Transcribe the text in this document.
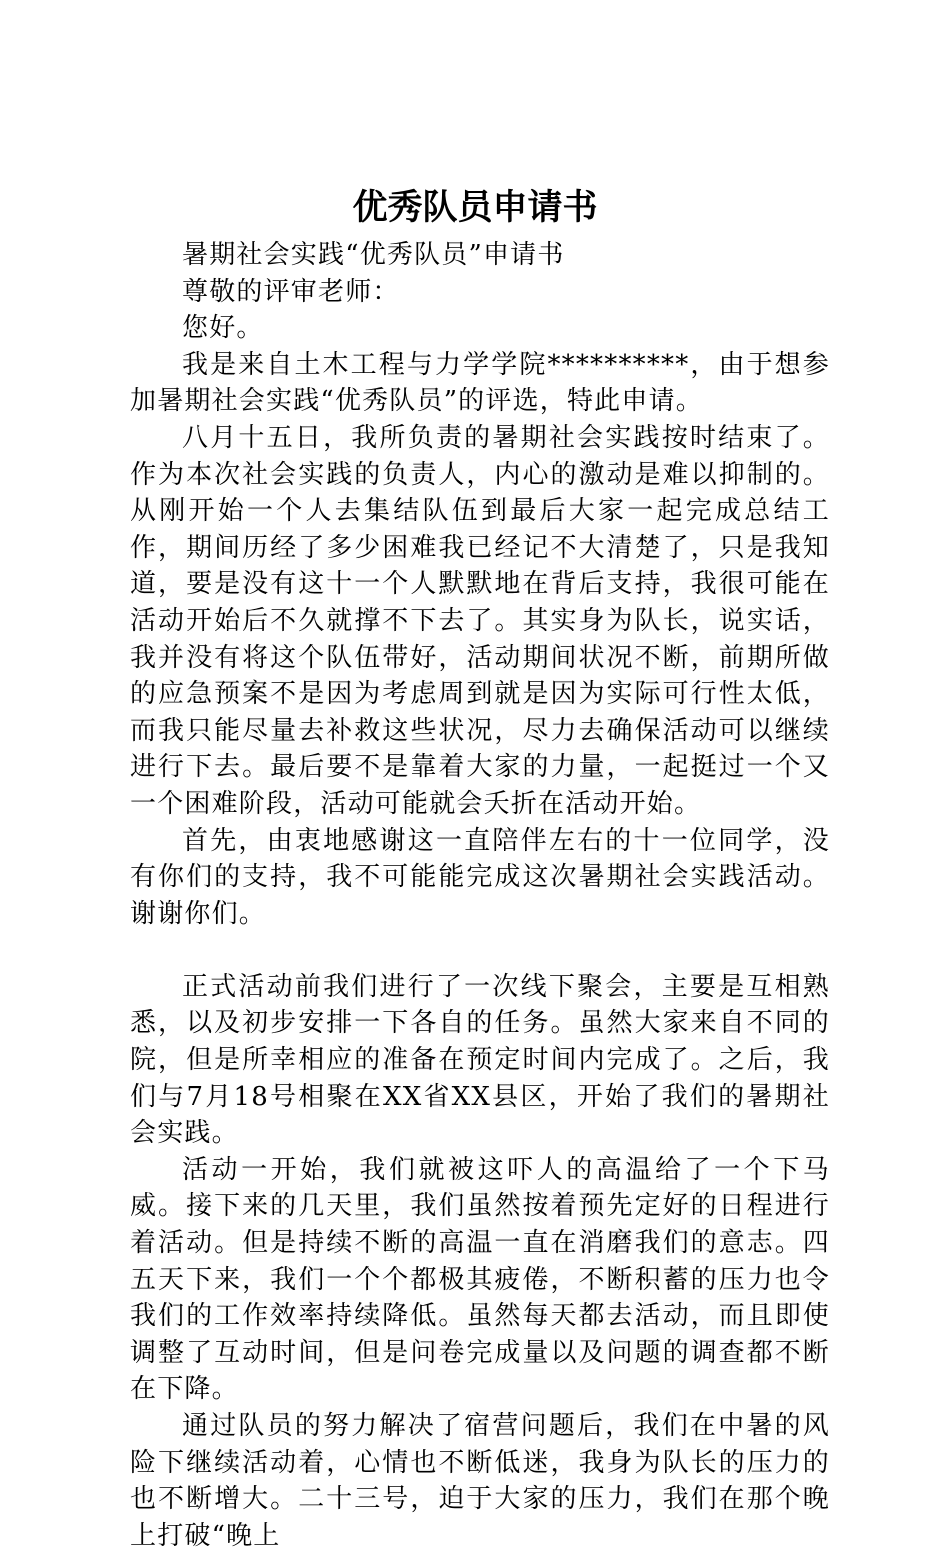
优秀队员申请书

暑期社会实践“优秀队员”申请书

尊敬的评审老师：

您好。

我是来自土木工程与力学学院**********，由于想参加暑期社会实践“优秀队员”的评选，特此申请。

八月十五日，我所负责的暑期社会实践按时结束了。作为本次社会实践的负责人，内心的激动是难以抑制的。从刚开始一个人去集结队伍到最后大家一起完成总结工作，期间历经了多少困难我已经记不大清楚了，只是我知道，要是没有这十一个人默默地在背后支持，我很可能在活动开始后不久就撑不下去了。其实身为队长，说实话，我并没有将这个队伍带好，活动期间状况不断，前期所做的应急预案不是因为考虑周到就是因为实际可行性太低，而我只能尽量去补救这些状况，尽力去确保活动可以继续进行下去。最后要不是靠着大家的力量，一起挺过一个又一个困难阶段，活动可能就会夭折在活动开始。

首先，由衷地感谢这一直陪伴左右的十一位同学，没有你们的支持，我不可能能完成这次暑期社会实践活动。谢谢你们。

正式活动前我们进行了一次线下聚会，主要是互相熟悉，以及初步安排一下各自的任务。虽然大家来自不同的院，但是所幸相应的准备在预定时间内完成了。之后，我们与7月18号相聚在XX省XX县区，开始了我们的暑期社会实践。

活动一开始，我们就被这吓人的高温给了一个下马威。接下来的几天里，我们虽然按着预先定好的日程进行着活动。但是持续不断的高温一直在消磨我们的意志。四五天下来，我们一个个都极其疲倦，不断积蓄的压力也令我们的工作效率持续降低。虽然每天都去活动，而且即使调整了互动时间，但是问卷完成量以及问题的调查都不断在下降。

通过队员的努力解决了宿营问题后，我们在中暑的风险下继续活动着，心情也不断低迷，我身为队长的压力的也不断增大。二十三号，迫于大家的压力，我们在那个晚上打破“晚上
